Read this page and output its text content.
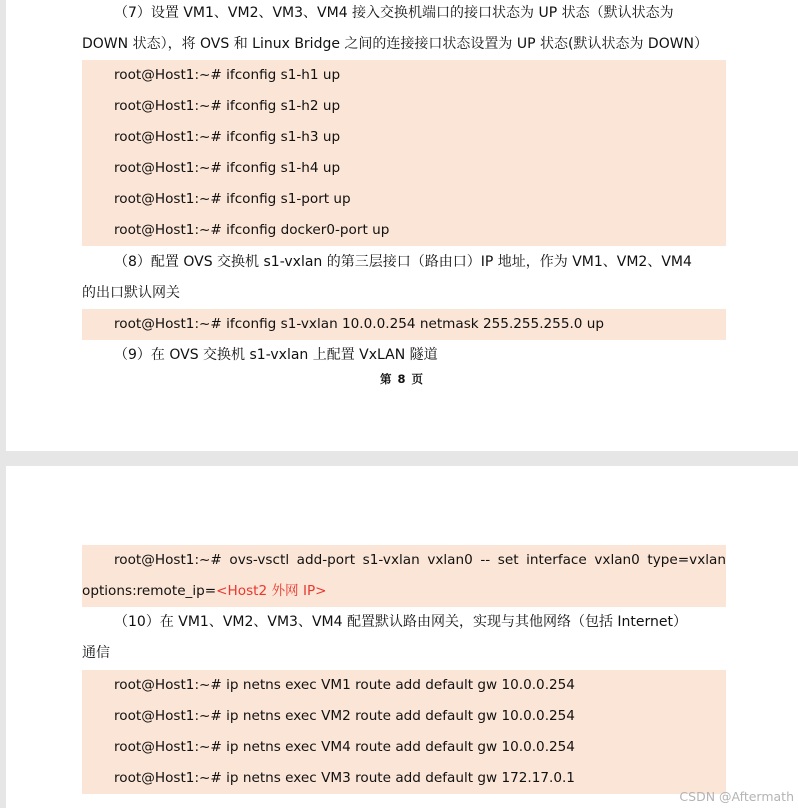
（7）设置 VM1、VM2、VM3、VM4 接入交换机端口的接口状态为 UP 状态（默认状态为

DOWN 状态），将 OVS 和 Linux Bridge 之间的连接接口状态设置为 UP 状态(默认状态为 DOWN）

root@Host1:~# ifconfig s1-h1 up
root@Host1:~# ifconfig s1-h2 up
root@Host1:~# ifconfig s1-h3 up
root@Host1:~# ifconfig s1-h4 up
root@Host1:~# ifconfig s1-port up
root@Host1:~# ifconfig docker0-port up

（8）配置 OVS 交换机 s1-vxlan 的第三层接口（路由口）IP 地址，作为 VM1、VM2、VM4

的出口默认网关

root@Host1:~# ifconfig s1-vxlan 10.0.0.254 netmask 255.255.255.0 up

（9）在 OVS 交换机 s1-vxlan 上配置 VxLAN 隧道

第 8 页
root@Host1:~# ovs-vsctl add-port s1-vxlan vxlan0 -- set interface vxlan0 type=vxlan
options:remote_ip=<Host2 外网 IP>

（10）在 VM1、VM2、VM3、VM4 配置默认路由网关，实现与其他网络（包括 Internet）

通信

root@Host1:~# ip netns exec VM1 route add default gw 10.0.0.254
root@Host1:~# ip netns exec VM2 route add default gw 10.0.0.254
root@Host1:~# ip netns exec VM4 route add default gw 10.0.0.254
root@Host1:~# ip netns exec VM3 route add default gw 172.17.0.1
CSDN @Aftermath
